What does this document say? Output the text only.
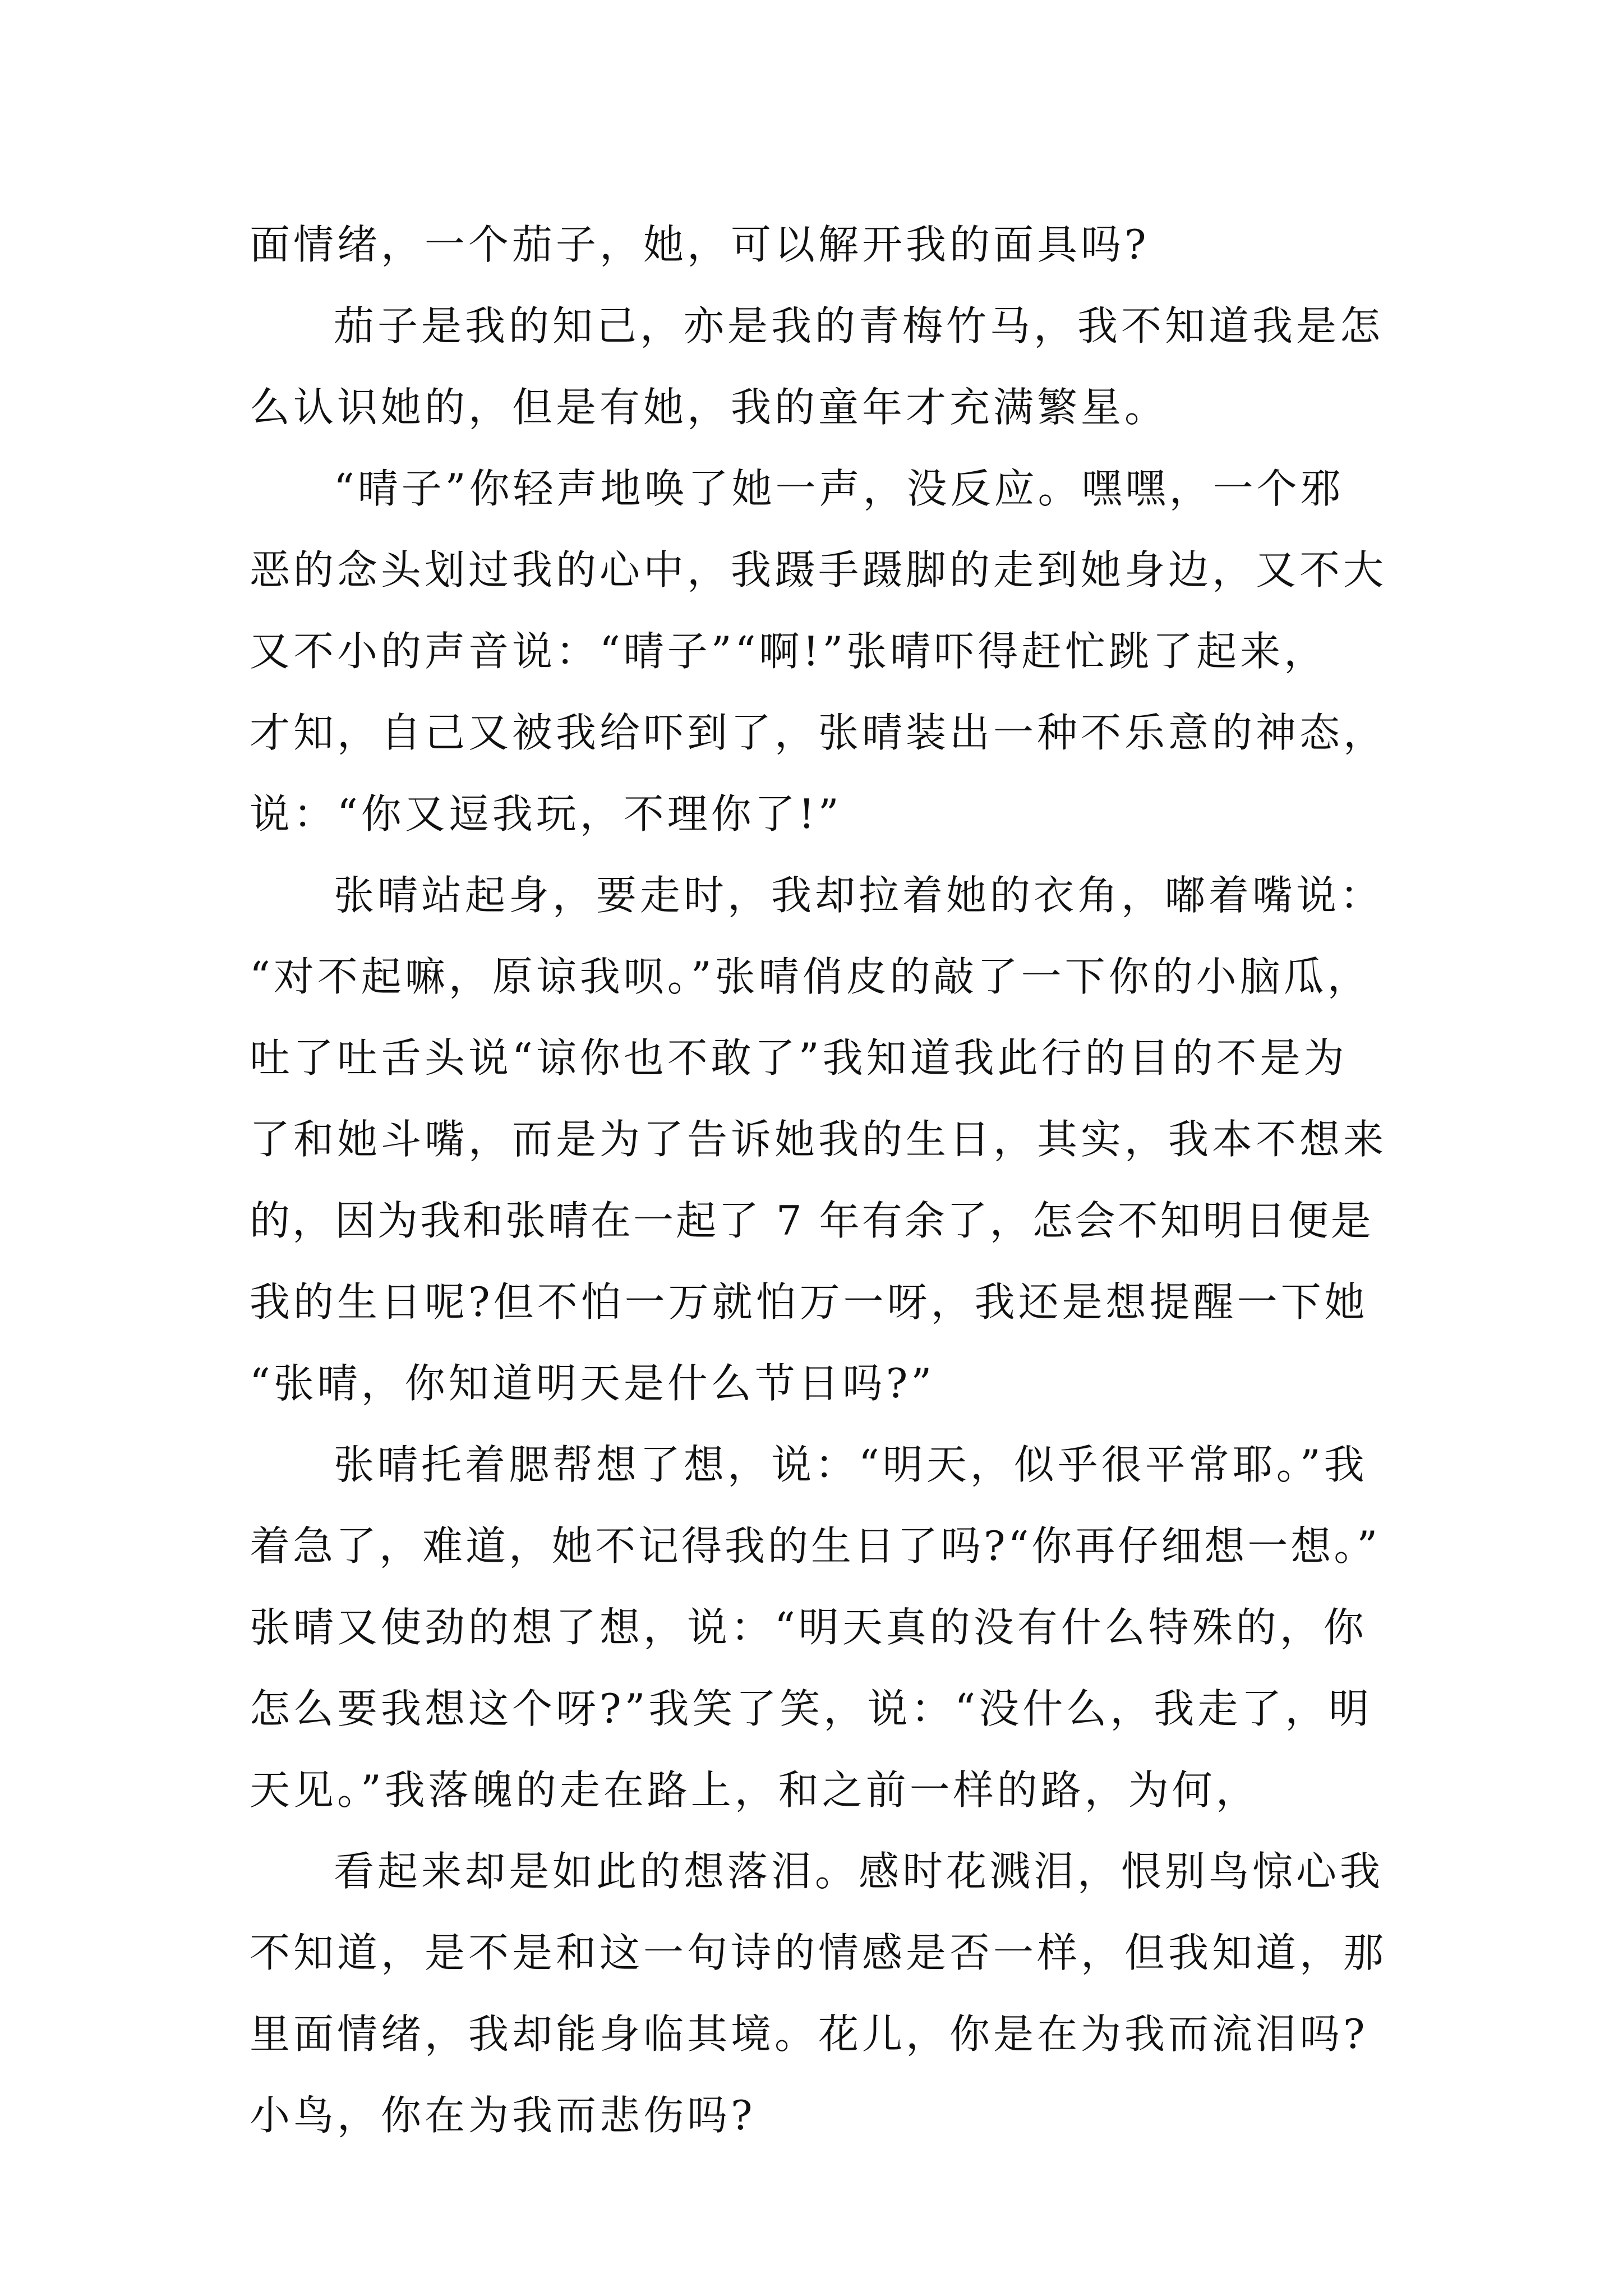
面情绪，一个茄子，她，可以解开我的面具吗?
茄子是我的知己，亦是我的青梅竹马，我不知道我是怎
么认识她的，但是有她，我的童年才充满繁星。
“晴子”你轻声地唤了她一声，没反应。嘿嘿，一个邪
恶的念头划过我的心中，我蹑手蹑脚的走到她身边，又不大
又不小的声音说：“晴子”“啊!”张晴吓得赶忙跳了起来，
才知，自己又被我给吓到了，张晴装出一种不乐意的神态，
说：“你又逗我玩，不理你了!”
张晴站起身，要走时，我却拉着她的衣角，嘟着嘴说：
“对不起嘛，原谅我呗。”张晴俏皮的敲了一下你的小脑瓜，
吐了吐舌头说“谅你也不敢了”我知道我此行的目的不是为
了和她斗嘴，而是为了告诉她我的生日，其实，我本不想来
的，因为我和张晴在一起了 7 年有余了，怎会不知明日便是
我的生日呢?但不怕一万就怕万一呀，我还是想提醒一下她
“张晴，你知道明天是什么节日吗?”
张晴托着腮帮想了想，说：“明天，似乎很平常耶。”我
着急了，难道，她不记得我的生日了吗?“你再仔细想一想。”
张晴又使劲的想了想，说：“明天真的没有什么特殊的，你
怎么要我想这个呀?”我笑了笑，说：“没什么，我走了，明
天见。”我落魄的走在路上，和之前一样的路，为何，
看起来却是如此的想落泪。感时花溅泪，恨别鸟惊心我
不知道，是不是和这一句诗的情感是否一样，但我知道，那
里面情绪，我却能身临其境。花儿，你是在为我而流泪吗?
小鸟，你在为我而悲伤吗?
